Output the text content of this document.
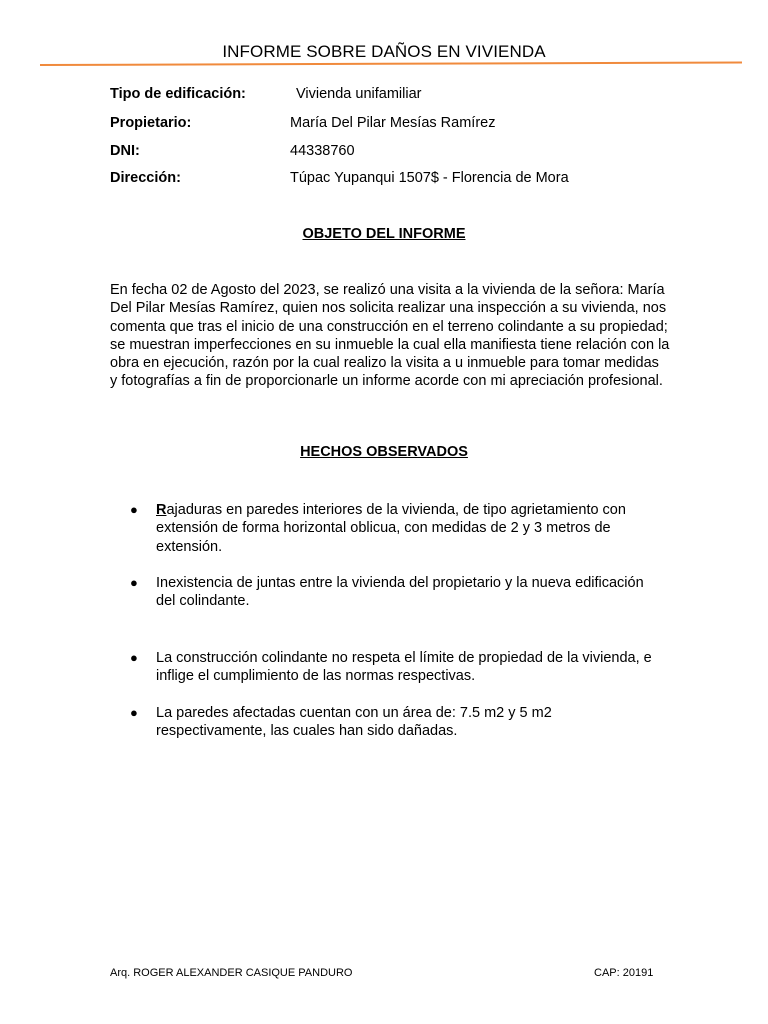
INFORME SOBRE DAÑOS EN VIVIENDA
Tipo de edificación:	Vivienda unifamiliar
Propietario:	María Del Pilar Mesías Ramírez
DNI:	44338760
Dirección:	Túpac Yupanqui 1507$ - Florencia de Mora
OBJETO DEL INFORME
En fecha 02 de Agosto del 2023, se realizó una visita a la vivienda de la señora: María Del Pilar Mesías Ramírez, quien nos solicita realizar una inspección a su vivienda, nos comenta que tras el inicio de una construcción en el terreno colindante a su propiedad; se muestran imperfecciones en su inmueble la cual ella manifiesta tiene relación con la obra en ejecución, razón por la cual realizo la visita a u inmueble para tomar medidas y fotografías a fin de proporcionarle un informe acorde con mi apreciación profesional.
HECHOS OBSERVADOS
● Rajaduras en paredes interiores de la vivienda, de tipo agrietamiento con extensión de forma horizontal oblicua, con medidas de 2 y 3 metros de extensión.
● Inexistencia de juntas entre la vivienda del propietario y la nueva edificación del colindante.
● La construcción colindante no respeta el límite de propiedad de la vivienda, e inflige el cumplimiento de las normas respectivas.
● La paredes afectadas cuentan con un área de: 7.5 m2 y 5 m2 respectivamente, las cuales han sido dañadas.
Arq. ROGER ALEXANDER CASIQUE PANDURO	CAP: 20191
